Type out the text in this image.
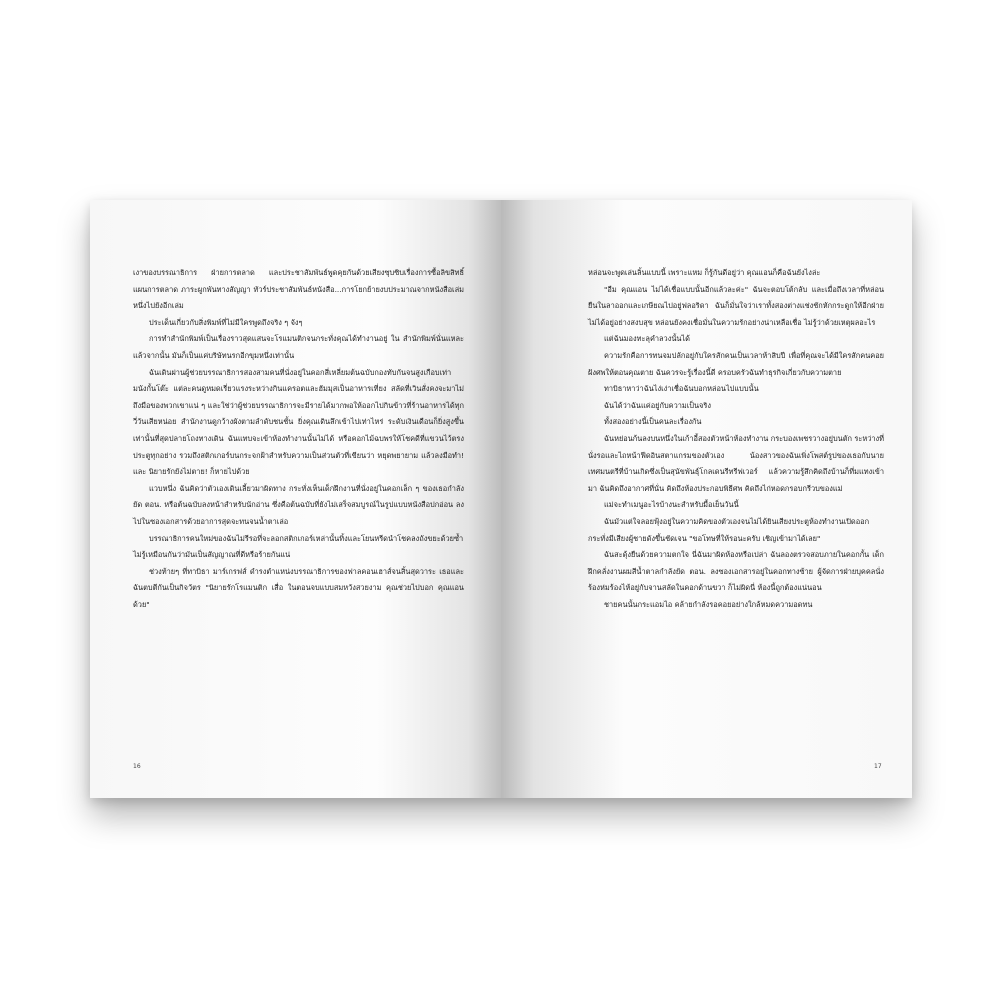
เงาของบรรณาธิการ ฝ่ายการตลาด และประชาสัมพันธ์พูดคุยกันด้วยเสียงซุบซิบเรื่องการซื้อลิขสิทธิ์ แผนการตลาด ภาระผูกพันทางสัญญา ทัวร์ประชาสัมพันธ์หนังสือ...การโยกย้ายงบประมาณจากหนังสือเล่มหนึ่งไปยังอีกเล่ม

ประเด็นเกี่ยวกับสิ่งพิมพ์ที่ไม่มีใครพูดถึงจริง ๆ จังๆ

การทำสำนักพิมพ์เป็นเรื่องราวสุดแสนจะโรแมนติกจนกระทั่งคุณได้ทำงานอยู่ ใน สำนักพิมพ์นั่นแหละ แล้วจากนั้น มันก็เป็นแค่บริษัทนรกอีกขุมหนึ่งเท่านั้น

ฉันเดินผ่านผู้ช่วยบรรณาธิการสองสามคนที่นั่งอยู่ในคอกสี่เหลี่ยมต้นฉบับกองทับกันจนสูงเกือบเท่ามนังกั้นโต๊ะ แต่ละคนดูหมดเรี่ยวแรงระหว่างกินแครอตและฮัมมุสเป็นอาหารเที่ยง สลัดที่เวินสั่งคงจะมาไม่ถึงมือของพวกเขาแน่ ๆ และใช่ว่าผู้ช่วยบรรณาธิการจะมีรายได้มากพอให้ออกไปกินข้าวที่ร้านอาหารได้ทุกวี่วันเสียหน่อย สำนักงานดูกว้างผังตามลำดับชนชั้น ยิ่งคุณเดินลึกเข้าไปเท่าไหร่ ระดับเงินเดือนก็ยิ่งสูงขึ้นเท่านั้นที่สุดปลายโถงทางเดิน ฉันแทบจะเข้าห้องทำงานนั้นไม่ได้ หรือคอกไม้ฉบพรให้โชคดีที่แขวนไว้ตรงประตูทุกอย่าง รวมถึงสติกเกอร์บนกระจกฝ้าสำหรับความเป็นส่วนตัวที่เขียนว่า หยุดพยายาม แล้วลงมือทำ! และ นิยายรักยังไม่ตาย! ก็หายไปด้วย

แวบหนึ่ง ฉันคิดว่าตัวเองเดินเลี้ยวมาผิดทาง กระทั่งเห็นเด็กฝึกงานที่นั่งอยู่ในคอกเล็ก ๆ ของเธอกำลังยัด ตอน. หรือต้นฉบับลงหน้าสำหรับนักอ่าน ซึ่งคือต้นฉบับที่ยังไม่เสร็จสมบูรณ์ในรูปแบบหนังสือปกอ่อน ลงไปในซองเอกสารด้วยอาการสุดจะทนจนน้ำตาเล่อ

บรรณาธิการคนใหม่ของฉันไม่รีรอที่จะลอกสติกเกอร์เหล่านั้นทิ้งและโยนหรีดนำโชคลงถังขยะด้วยซ้ำ ไม่รู้เหมือนกันว่ามันเป็นสัญญาณที่ดีหรือร้ายกันแน่

ช่วงท้ายๆ ที่ทาบิธา มาร์เกรฟส์ ดำรงตำแหน่งบรรณาธิการของฟาลคอนเฮาส์จนสิ้นสุดวาระ เธอและฉันตบตีกันเป็นกิจวัตร "นิยายรักโรแมนติก เสื่อ ในตอนจบแบบสมหวังสวยงาม คุณช่วยไปบอก คุณแอน ด้วย"

16

หล่อนจะพูดเล่นลิ้นแบบนี้ เพราะแหม ก็รู้กันดีอยู่ว่า คุณแอนก็คือฉันยังไงล่ะ

"อืม คุณแอน ไม่ได้เชื่อแบบนั้นอีกแล้วละค่ะ" ฉันจะตอบโต้กลับ และเมื่อถึงเวลาที่หล่อนยืนในลาออกและเกษียณไปอยู่ฟลอริดา ฉันก็มั่นใจว่าเราทั้งสองต่างแช่งชักหักกระดูกให้อีกฝ่ายไม่ได้อยู่อย่างสงบสุข หล่อนยังคงเชื่อมั่นในความรักอย่างน่าเหลือเชื่อ ไม่รู้ว่าด้วยเหตุผลอะไร

แต่ฉันมองทะลุคำลวงนั้นได้

ความรักคือการทนจมปลักอยู่กับใครสักคนเป็นเวลาห้าสิบปี เพื่อที่คุณจะได้มีใครสักคนคอยฝังศพให้ตอนคุณตาย ฉันควรจะรู้เรื่องนี้ดี ครอบครัวฉันทำธุรกิจเกี่ยวกับความตาย

ทาบิธาหาว่าฉันไง่เง่าเชื่อฉันบอกหล่อนไปแบบนั้น

ฉันได้ว่าฉันแค่อยู่กับความเป็นจริง

ทั้งสองอย่างนี้เป็นคนละเรื่องกัน

ฉันหย่อนก้นลงบนหนึ่งในเก้าอี้สองตัวหน้าห้องทำงาน กระบองเพชรวางอยู่บนตัก ระหว่างที่นั่งรอและไถหน้าฟีดอินสตาแกรมของตัวเอง น้องสาวของฉันเพิ่งโพสต์รูปของเธอกับนายเทศมนตรีที่บ้านเกิดซึ่งเป็นสุนัขพันธุ์โกลเดนรีทรีฟเวอร์ แล้วความรู้สึกคิดถึงบ้านก็ที่มแทงเข้ามา ฉันคิดถึงอากาศที่นั่น คิดถึงห้องประกอบพิธีศพ คิดถึงไก่หอดกรอบกรีวบของแม่

แม่จะทำเมนูอะไรบ้างนะสำหรับมื้อเย็นวันนี้

ฉันมัวแต่ใจลอยฟุ้งอยู่ในความคิดของตัวเองจนไม่ได้ยินเสียงประตูห้องทำงานเปิดออก กระทั่งมีเสียงผู้ชายดังขึ้นชัดเจน "ขอโทษที่ให้รอนะครับ เชิญเข้ามาได้เลย"

ฉันสะดุ้งยืนด้วยความตกใจ นี่ฉันมาผิดห้องหรือเปล่า ฉันลองตรวจสอบภายในคอกกั้น เด็กฝึกคลั่งงานผมสีน้ำตาลกำลังยัด ตอน. ลงซองเอกสารอยู่ในคอกทางซ้าย ผู้จัดการฝ่ายบุคคลนั่งร้องห่มร้องไห้อยู่กับจานสลัดในคอกด้านขวา ก็ไม่ผิดนี่ ห้องนี้ถูกต้องแน่นอน

ชายคนนั้นกระแอมไอ คล้ายกำลังรอคอยอย่างใกล้หมดความอดทน

17
